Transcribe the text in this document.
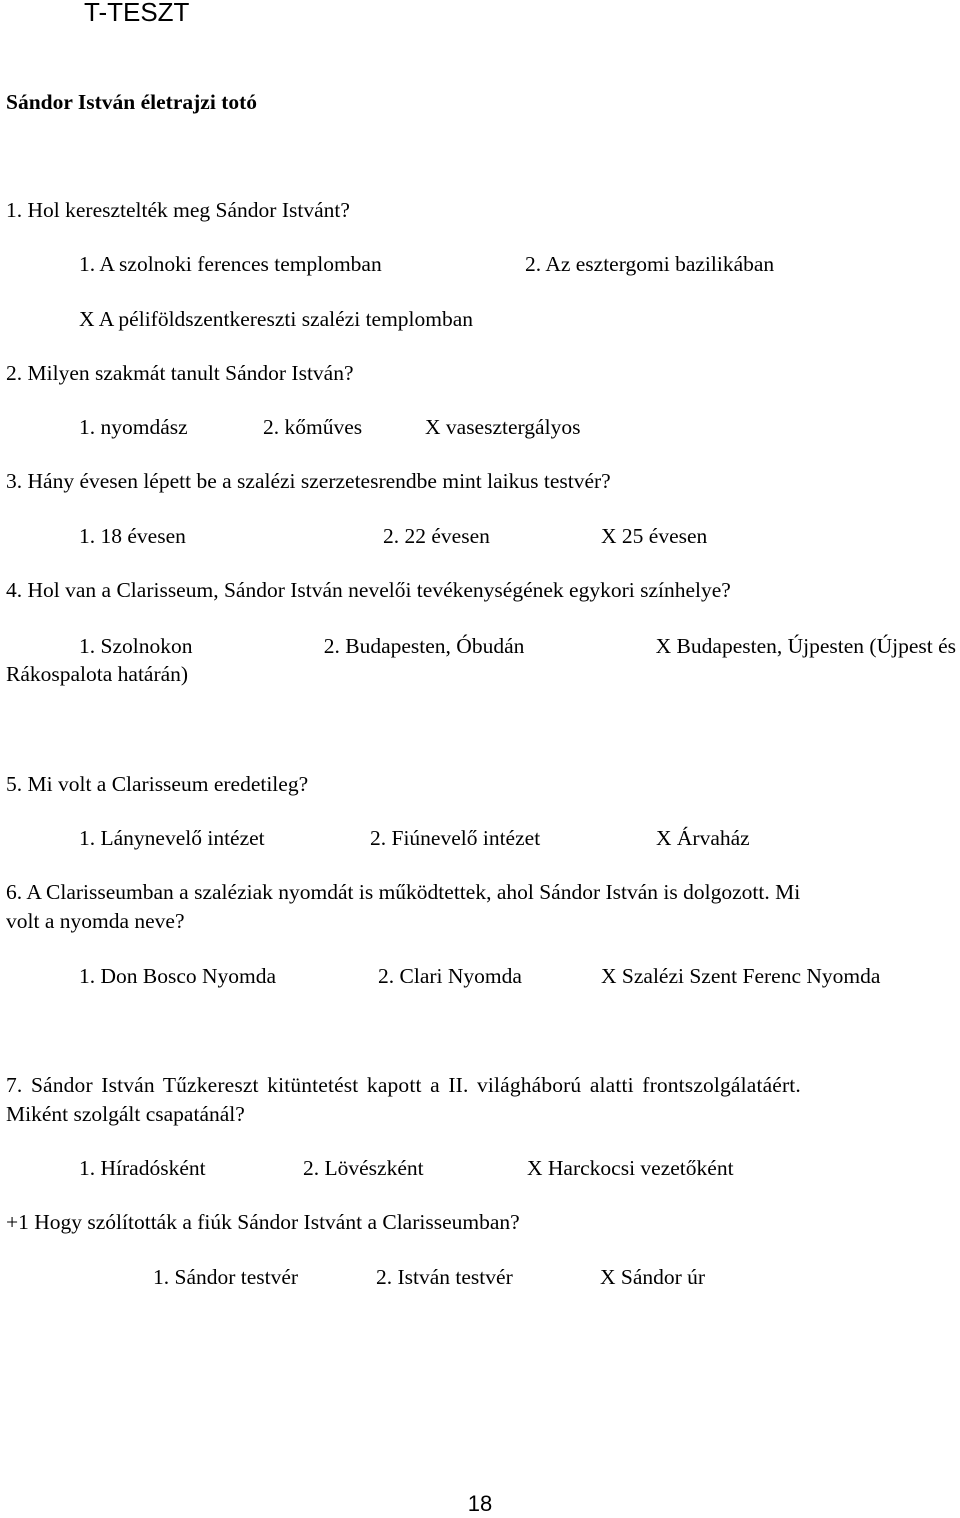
T-TESZT
Sándor István életrajzi totó
1. Hol keresztelték meg Sándor Istvánt?
1. A szolnoki ferences templomban	2. Az esztergomi bazilikában
X A péliföldszentkereszti szalézi templomban
2. Milyen szakmát tanult Sándor István?
1. nyomdász	2. kőműves	X vasesztergályos
3. Hány évesen lépett be a szalézi szerzetesrendbe mint laikus testvér?
1. 18 évesen	2. 22 évesen	X 25 évesen
4. Hol van a Clarisseum, Sándor István nevelői tevékenységének egykori színhelye?
1. Szolnokon	2. Budapesten, Óbudán	X Budapesten, Újpesten (Újpest és
Rákospalota határán)
5. Mi volt a Clarisseum eredetileg?
1. Lánynevelő intézet	2. Fiúnevelő intézet	X Árvaház
6. A Clarisseumban a szaléziak nyomdát is működtettek, ahol Sándor István is dolgozott. Mi
volt a nyomda neve?
1. Don Bosco Nyomda	2. Clari Nyomda	X Szalézi Szent Ferenc Nyomda
7. Sándor István Tűzkereszt kitüntetést kapott a II. világháború alatti frontszolgálatáért.
Miként szolgált csapatánál?
1. Híradósként	2. Lövészként	X Harckocsi vezetőként
+1 Hogy szólították a fiúk Sándor Istvánt a Clarisseumban?
1. Sándor testvér	2. István testvér	X Sándor úr
18
